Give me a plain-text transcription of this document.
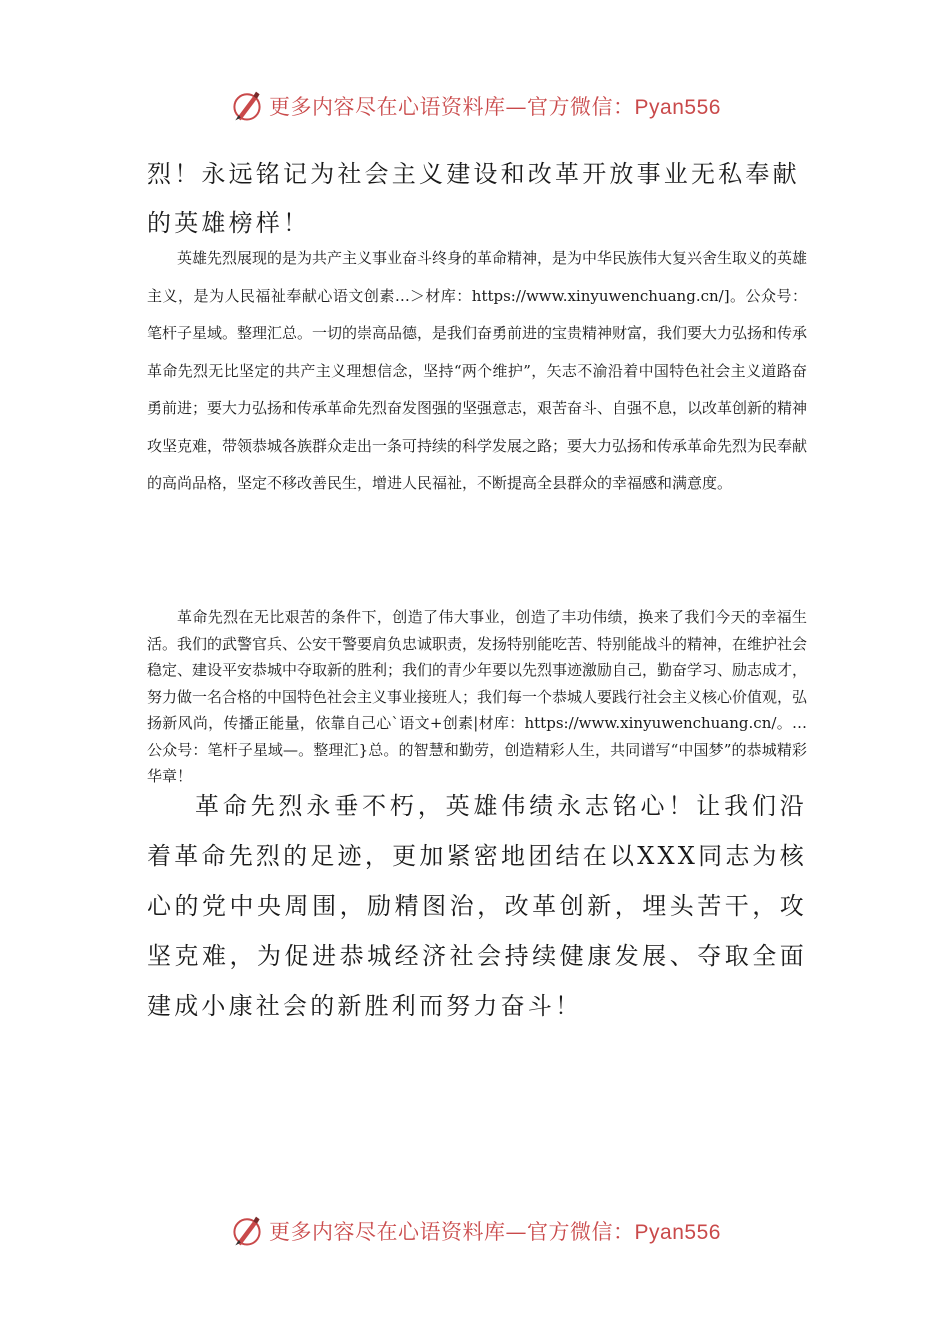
更多内容尽在心语资料库—官方微信：Pyan556

烈！永远铭记为社会主义建设和改革开放事业无私奉献的英雄榜样！

英雄先烈展现的是为共产主义事业奋斗终身的革命精神，是为中华民族伟大复兴舍生取义的英雄主义，是为人民福祉奉献心语文创素…＞材库：https://www.xinyuwenchuang.cn/]。公众号：笔杆子星域。整理汇总。一切的崇高品德，是我们奋勇前进的宝贵精神财富，我们要大力弘扬和传承革命先烈无比坚定的共产主义理想信念，坚持“两个维护”，矢志不渝沿着中国特色社会主义道路奋勇前进；要大力弘扬和传承革命先烈奋发图强的坚强意志，艰苦奋斗、自强不息，以改革创新的精神攻坚克难，带领恭城各族群众走出一条可持续的科学发展之路；要大力弘扬和传承革命先烈为民奉献的高尚品格，坚定不移改善民生，增进人民福祉，不断提高全县群众的幸福感和满意度。

革命先烈在无比艰苦的条件下，创造了伟大事业，创造了丰功伟绩，换来了我们今天的幸福生活。我们的武警官兵、公安干警要肩负忠诚职责，发扬特别能吃苦、特别能战斗的精神，在维护社会稳定、建设平安恭城中夺取新的胜利；我们的青少年要以先烈事迹激励自己，勤奋学习、励志成才，努力做一名合格的中国特色社会主义事业接班人；我们每一个恭城人要践行社会主义核心价值观，弘扬新风尚，传播正能量，依靠自己心`语文+创素|材库：https://www.xinyuwenchuang.cn/。…公众号：笔杆子星域—。整理汇}总。的智慧和勤劳，创造精彩人生，共同谱写“中国梦”的恭城精彩华章！

革命先烈永垂不朽，英雄伟绩永志铭心！让我们沿着革命先烈的足迹，更加紧密地团结在以XXX同志为核心的党中央周围，励精图治，改革创新，埋头苦干，攻坚克难，为促进恭城经济社会持续健康发展、夺取全面建成小康社会的新胜利而努力奋斗！

更多内容尽在心语资料库—官方微信：Pyan556
